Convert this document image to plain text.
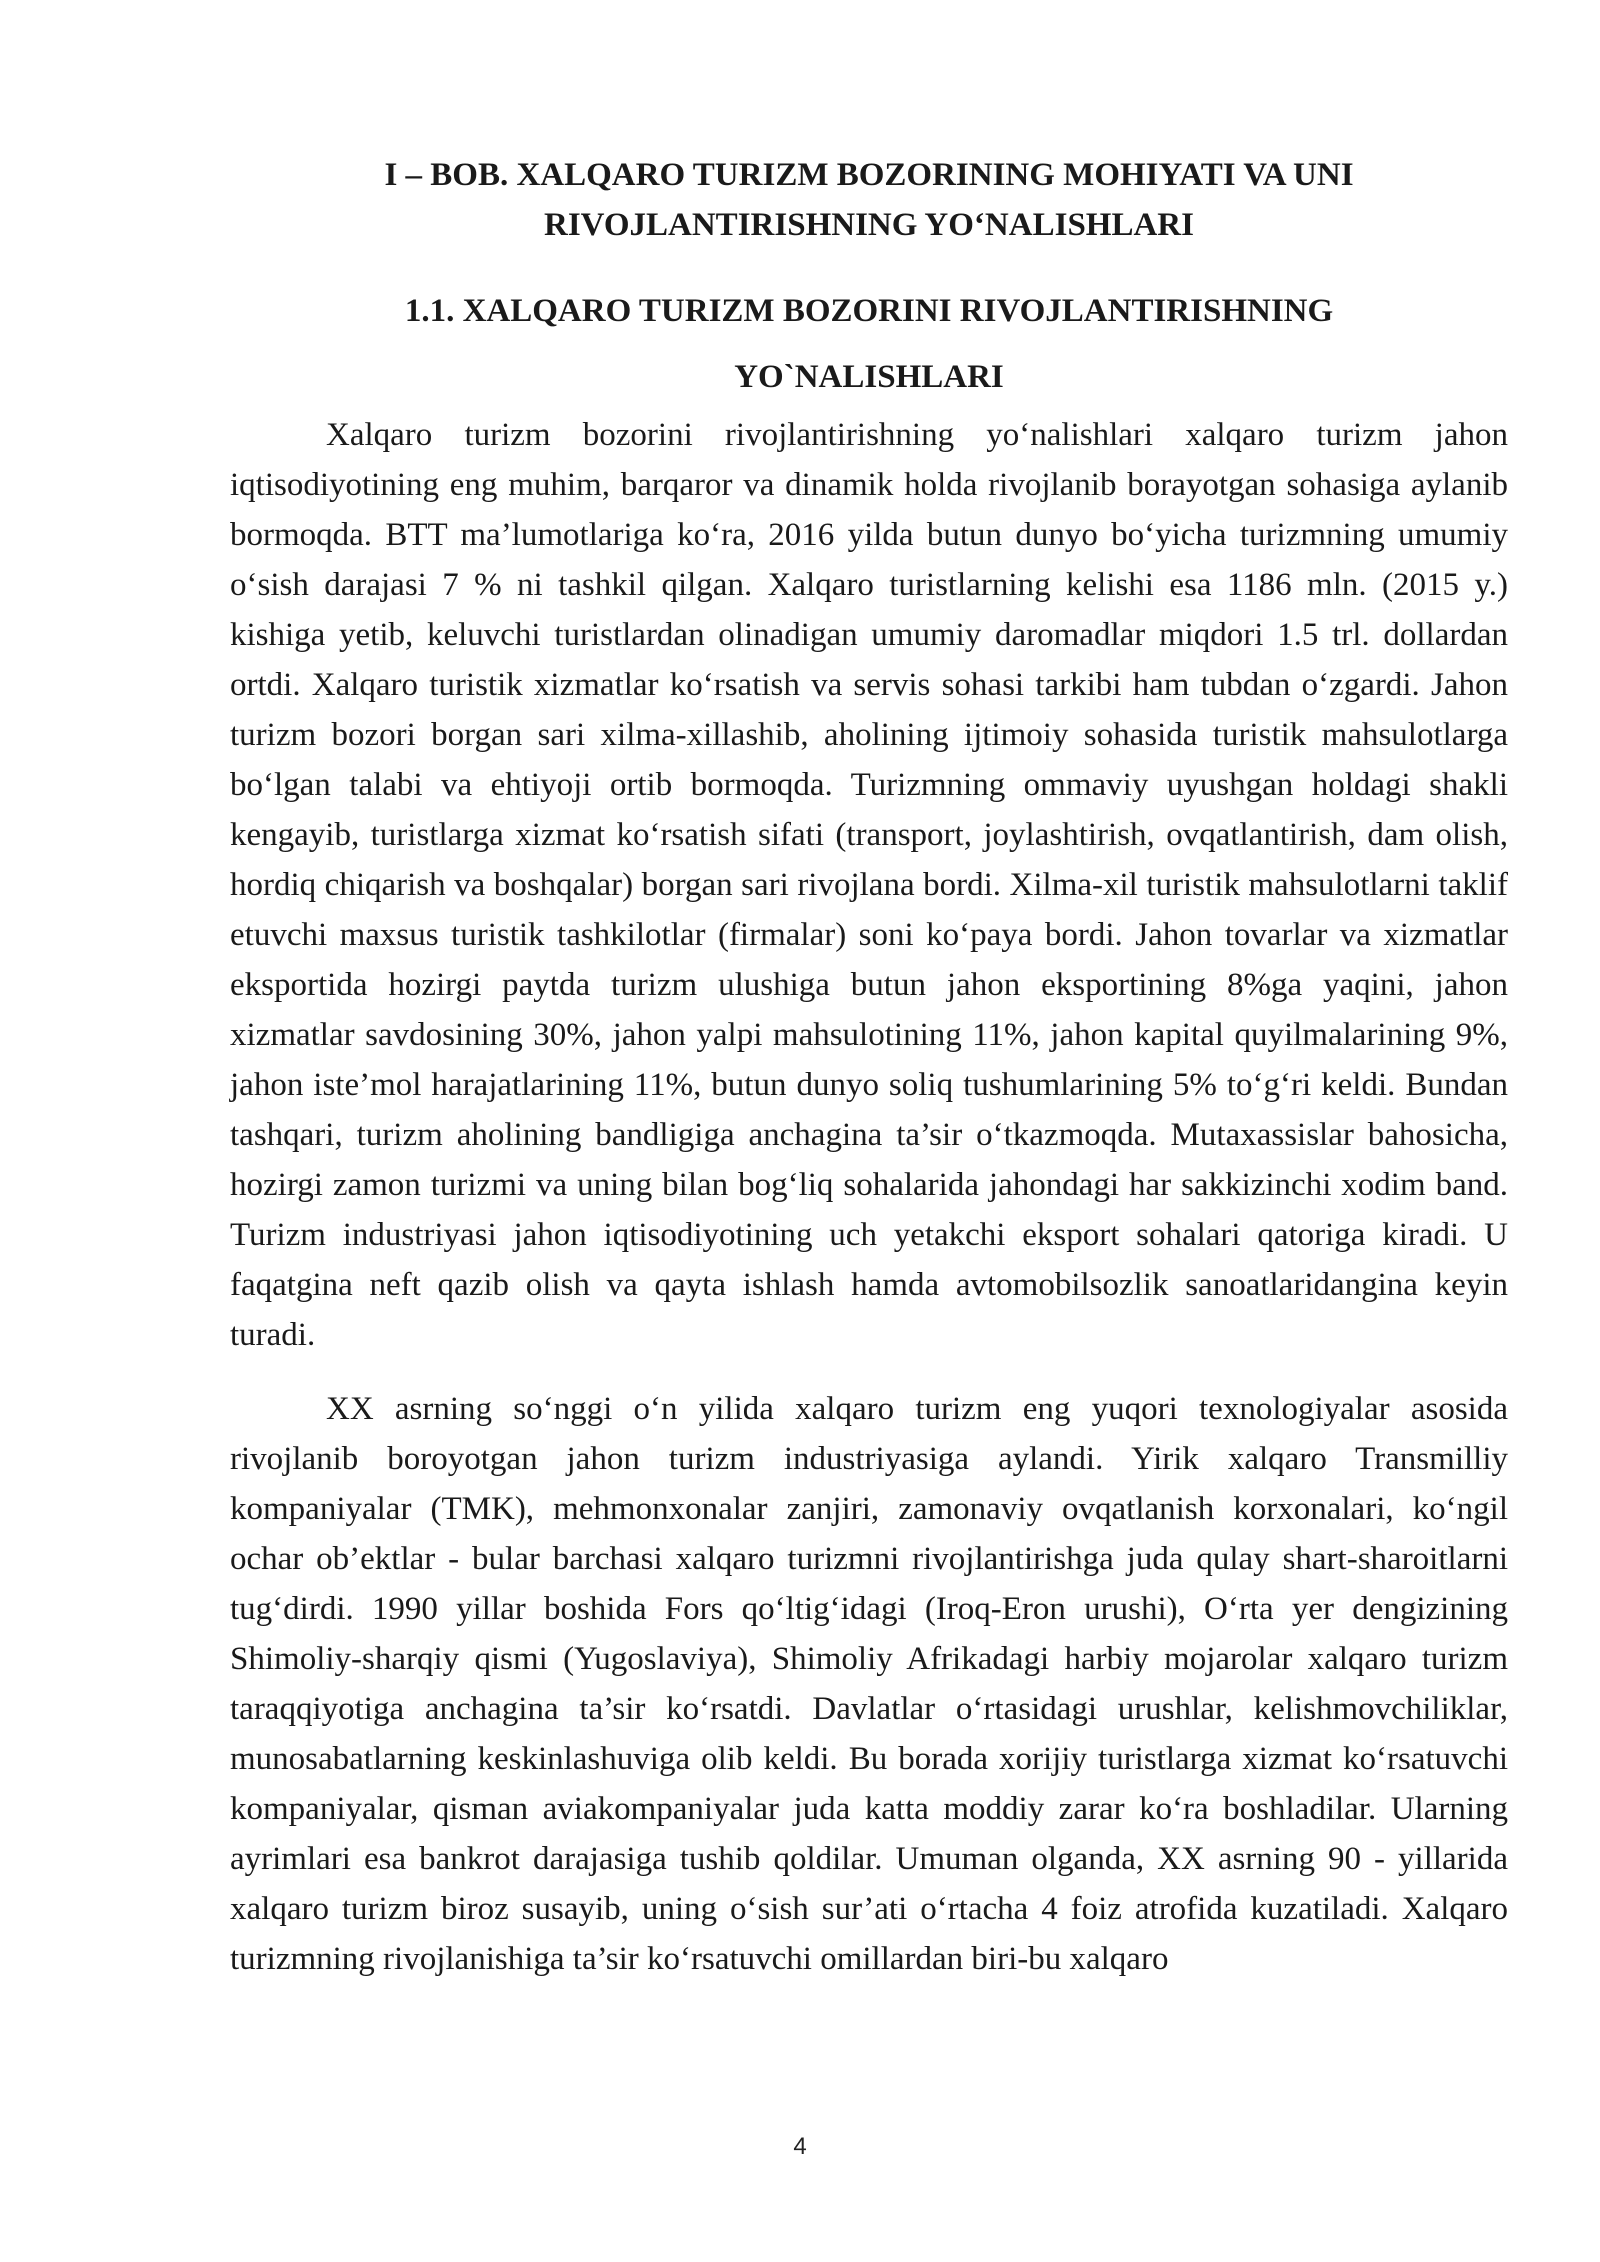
I – BOB. XALQARO TURIZM BOZORINING MOHIYATI VA UNI
RIVOJLANTIRISHNING YO‘NALISHLARI
1.1. XALQARO TURIZM BOZORINI RIVOJLANTIRISHNING
YO`NALISHLARI

Xalqaro turizm bozorini rivojlantirishning yo‘nalishlari xalqaro turizm jahon iqtisodiyotining eng muhim, barqaror va dinamik holda rivojlanib borayotgan sohasiga aylanib bormoqda. BTT ma’lumotlariga ko‘ra, 2016 yilda butun dunyo bo‘yicha turizmning umumiy o‘sish darajasi 7 % ni tashkil qilgan. Xalqaro turistlarning kelishi esa 1186 mln. (2015 y.) kishiga yetib, keluvchi turistlardan olinadigan umumiy daromadlar miqdori 1.5 trl. dollardan ortdi. Xalqaro turistik xizmatlar ko‘rsatish va servis sohasi tarkibi ham tubdan o‘zgardi. Jahon turizm bozori borgan sari xilma-xillashib, aholining ijtimoiy sohasida turistik mahsulotlarga bo‘lgan talabi va ehtiyoji ortib bormoqda. Turizmning ommaviy uyushgan holdagi shakli kengayib, turistlarga xizmat ko‘rsatish sifati (transport, joylashtirish, ovqatlantirish, dam olish, hordiq chiqarish va boshqalar) borgan sari rivojlana bordi. Xilma-xil turistik mahsulotlarni taklif etuvchi maxsus turistik tashkilotlar (firmalar) soni ko‘paya bordi. Jahon tovarlar va xizmatlar eksportida hozirgi paytda turizm ulushiga butun jahon eksportining 8%ga yaqini, jahon xizmatlar savdosining 30%, jahon yalpi mahsulotining 11%, jahon kapital quyilmalarining 9%, jahon iste’mol harajatlarining 11%, butun dunyo soliq tushumlarining 5% to‘g‘ri keldi. Bundan tashqari, turizm aholining bandligiga anchagina ta’sir o‘tkazmoqda. Mutaxassislar bahosicha, hozirgi zamon turizmi va uning bilan bog‘liq sohalarida jahondagi har sakkizinchi xodim band. Turizm industriyasi jahon iqtisodiyotining uch yetakchi eksport sohalari qatoriga kiradi. U faqatgina neft qazib olish va qayta ishlash hamda avtomobilsozlik sanoatlaridangina keyin turadi.

XX asrning so‘nggi o‘n yilida xalqaro turizm eng yuqori texnologiyalar asosida rivojlanib boroyotgan jahon turizm industriyasiga aylandi. Yirik xalqaro Transmilliy kompaniyalar (TMK), mehmonxonalar zanjiri, zamonaviy ovqatlanish korxonalari, ko‘ngil ochar ob’ektlar - bular barchasi xalqaro turizmni rivojlantirishga juda qulay shart-sharoitlarni tug‘dirdi. 1990 yillar boshida Fors qo‘ltig‘idagi (Iroq-Eron urushi), O‘rta yer dengizining Shimoliy-sharqiy qismi (Yugoslaviya), Shimoliy Afrikadagi harbiy mojarolar xalqaro turizm taraqqiyotiga anchagina ta’sir ko‘rsatdi. Davlatlar o‘rtasidagi urushlar, kelishmovchiliklar, munosabatlarning keskinlashuviga olib keldi. Bu borada xorijiy turistlarga xizmat ko‘rsatuvchi kompaniyalar, qisman aviakompaniyalar juda katta moddiy zarar ko‘ra boshladilar. Ularning ayrimlari esa bankrot darajasiga tushib qoldilar. Umuman olganda, XX asrning 90 - yillarida xalqaro turizm biroz susayib, uning o‘sish sur’ati o‘rtacha 4 foiz atrofida kuzatiladi. Xalqaro turizmning rivojlanishiga ta’sir ko‘rsatuvchi omillardan biri-bu xalqaro

4
